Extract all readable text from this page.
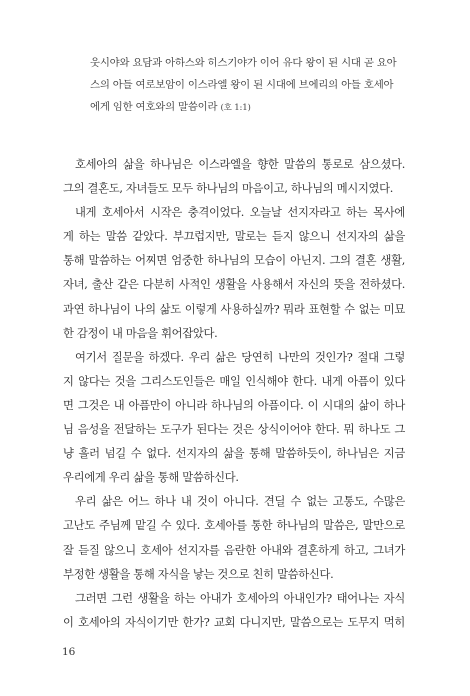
웃시야와 요담과 아하스와 히스기야가 이어 유다 왕이 된 시대 곧 요아
스의 아들 여로보암이 이스라엘 왕이 된 시대에 브에리의 아들 호세아
에게 임한 여호와의 말씀이라 (호 1:1)

호세아의 삶을 하나님은 이스라엘을 향한 말씀의 통로로 삼으셨다.
그의 결혼도, 자녀들도 모두 하나님의 마음이고, 하나님의 메시지였다.

내게 호세아서 시작은 충격이었다. 오늘날 선지자라고 하는 목사에
게 하는 말씀 같았다. 부끄럽지만, 말로는 듣지 않으니 선지자의 삶을
통해 말씀하는 어찌면 엄중한 하나님의 모습이 아닌지. 그의 결혼 생활,
자녀, 출산 같은 다분히 사적인 생활을 사용해서 자신의 뜻을 전하셨다.
과연 하나님이 나의 삶도 이렇게 사용하실까? 뭐라 표현할 수 없는 미묘
한 감정이 내 마음을 휘어잡았다.

여기서 질문을 하겠다. 우리 삶은 당연히 나만의 것인가? 절대 그렇
지 않다는 것을 그리스도인들은 매일 인식해야 한다. 내게 아픔이 있다
면 그것은 내 아픔만이 아니라 하나님의 아픔이다. 이 시대의 삶이 하나
님 음성을 전달하는 도구가 된다는 것은 상식이어야 한다. 뭐 하나도 그
냥 흘러 넘길 수 없다. 선지자의 삶을 통해 말씀하듯이, 하나님은 지금
우리에게 우리 삶을 통해 말씀하신다.

우리 삶은 어느 하나 내 것이 아니다. 견딜 수 없는 고통도, 수많은
고난도 주님께 맡길 수 있다. 호세아를 통한 하나님의 말씀은, 말만으로
잘 듣질 않으니 호세아 선지자를 음란한 아내와 결혼하게 하고, 그녀가
부정한 생활을 통해 자식을 낳는 것으로 친히 말씀하신다.

그러면 그런 생활을 하는 아내가 호세아의 아내인가? 태어나는 자식
이 호세아의 자식이기만 한가? 교회 다니지만, 말씀으로는 도무지 먹히

16
